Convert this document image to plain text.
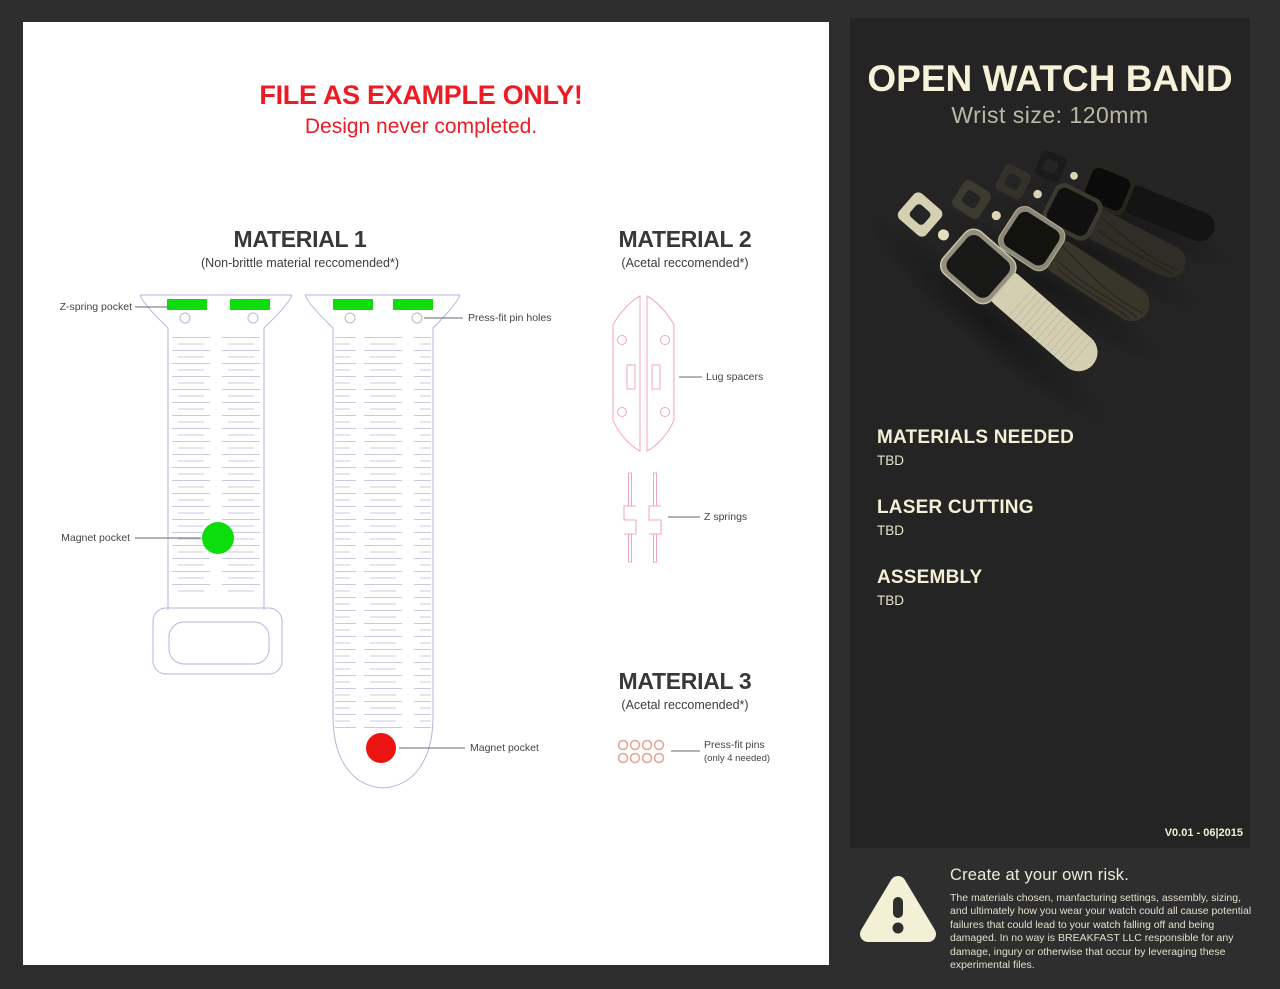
FILE AS EXAMPLE ONLY!
Design never completed.
MATERIAL 1
(Non-brittle material reccomended*)
MATERIAL 2
(Acetal reccomended*)
MATERIAL 3
(Acetal reccomended*)
Z-spring pocket
Press-fit pin holes
Magnet pocket
Magnet pocket
Lug spacers
Z springs
Press-fit pins
(only 4 needed)
OPEN WATCH BAND
Wrist size: 120mm
MATERIALS NEEDED
TBD
LASER CUTTING
TBD
ASSEMBLY
TBD
V0.01 - 06|2015
Create at your own risk.
The materials chosen, manfacturing settings, assembly, sizing, and ultimately how you wear your watch could all cause potential failures that could lead to your watch falling off and being damaged. In no way is BREAKFAST LLC responsible for any damage, ingury or otherwise that occur by leveraging these experimental files.
